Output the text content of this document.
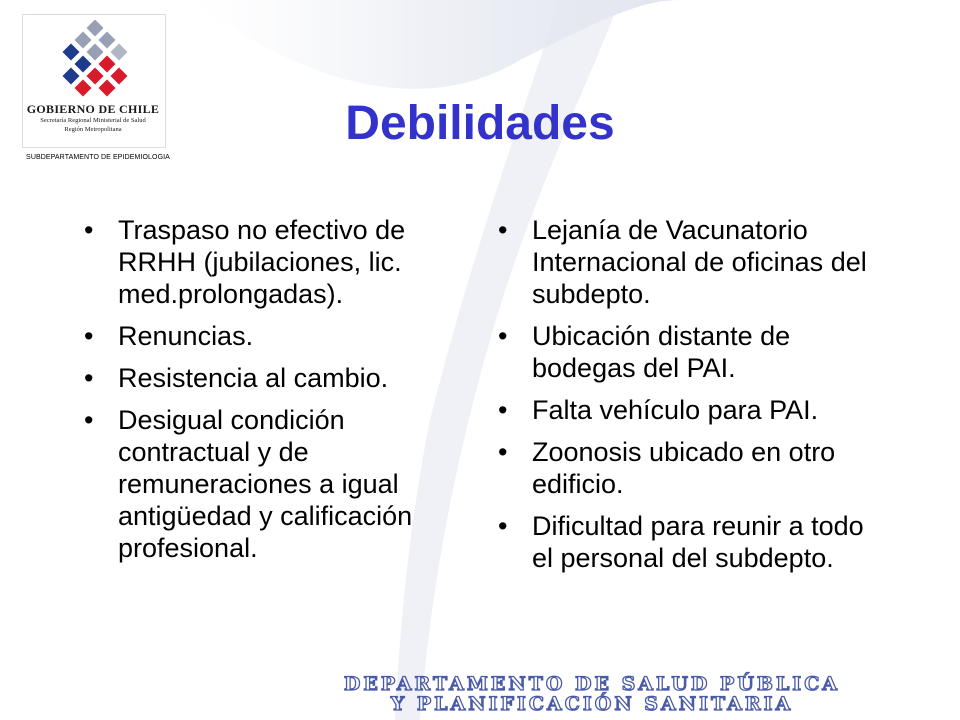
GOBIERNO DE CHILE
Secretaría Regional Ministerial de Salud
Región Metropolitana
SUBDEPARTAMENTO DE EPIDEMIOLOGIA
Debilidades
• Traspaso no efectivo de RRHH (jubilaciones, lic. med.prolongadas).
• Renuncias.
• Resistencia al cambio.
• Desigual condición contractual y de remuneraciones a igual antigüedad y calificación profesional.
• Lejanía de Vacunatorio Internacional de oficinas del subdepto.
• Ubicación distante de bodegas del PAI.
• Falta vehículo para PAI.
• Zoonosis ubicado en otro edificio.
• Dificultad para reunir a todo el personal del subdepto.
DEPARTAMENTO DE SALUD PÚBLICA
Y PLANIFICACIÓN SANITARIA
